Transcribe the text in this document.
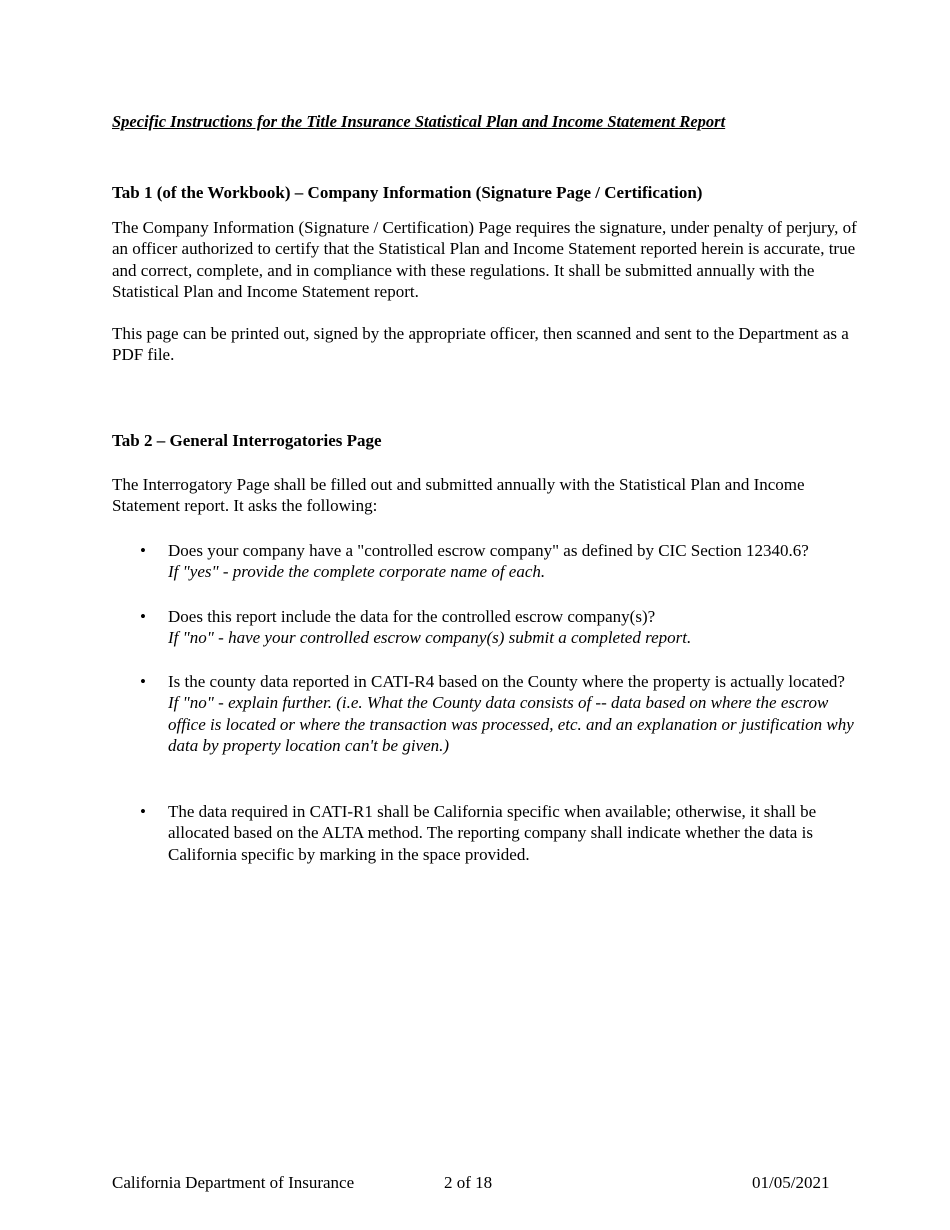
Specific Instructions for the Title Insurance Statistical Plan and Income Statement Report
Tab 1 (of the Workbook) – Company Information (Signature Page / Certification)

The Company Information (Signature / Certification) Page requires the signature, under penalty of perjury, of an officer authorized to certify that the Statistical Plan and Income Statement reported herein is accurate, true and correct, complete, and in compliance with these regulations. It shall be submitted annually with the Statistical Plan and Income Statement report.

This page can be printed out, signed by the appropriate officer, then scanned and sent to the Department as a PDF file.

Tab 2 – General Interrogatories Page

The Interrogatory Page shall be filled out and submitted annually with the Statistical Plan and Income Statement report. It asks the following:

• Does your company have a "controlled escrow company" as defined by CIC Section 12340.6?
If "yes" - provide the complete corporate name of each.
• Does this report include the data for the controlled escrow company(s)?
If "no" - have your controlled escrow company(s) submit a completed report.
• Is the county data reported in CATI-R4 based on the County where the property is actually located?
If "no" - explain further. (i.e. What the County data consists of -- data based on where the escrow office is located or where the transaction was processed, etc. and an explanation or justification why data by property location can't be given.)
• The data required in CATI-R1 shall be California specific when available; otherwise, it shall be allocated based on the ALTA method. The reporting company shall indicate whether the data is California specific by marking in the space provided.
California Department of Insurance	2 of 18	01/05/2021
